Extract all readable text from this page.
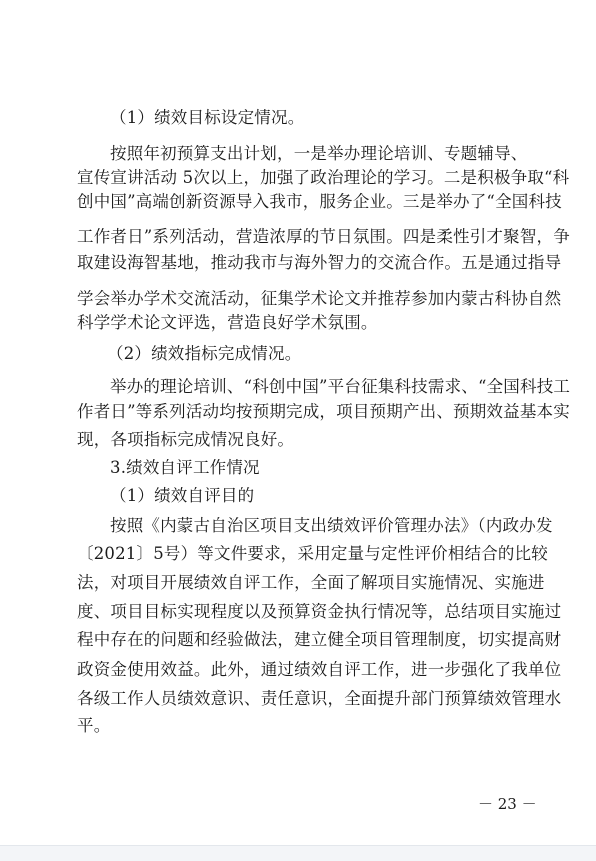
（1）绩效目标设定情况。
按照年初预算支出计划，一是举办理论培训、专题辅导、
宣传宣讲活动 5次以上，加强了政治理论的学习。二是积极争取“科
创中国”高端创新资源导入我市，服务企业。三是举办了“全国科技
工作者日”系列活动，营造浓厚的节日氛围。四是柔性引才聚智，争
取建设海智基地，推动我市与海外智力的交流合作。五是通过指导
学会举办学术交流活动，征集学术论文并推荐参加内蒙古科协自然
科学学术论文评选，营造良好学术氛围。
（2）绩效指标完成情况。
举办的理论培训、“科创中国”平台征集科技需求、“全国科技工
作者日”等系列活动均按预期完成，项目预期产出、预期效益基本实
现，各项指标完成情况良好。
3.绩效自评工作情况
（1）绩效自评目的
按照《内蒙古自治区项目支出绩效评价管理办法》（内政办发
〔2021〕5号）等文件要求，采用定量与定性评价相结合的比较
法，对项目开展绩效自评工作，全面了解项目实施情况、实施进
度、项目目标实现程度以及预算资金执行情况等，总结项目实施过
程中存在的问题和经验做法，建立健全项目管理制度，切实提高财
政资金使用效益。此外，通过绩效自评工作，进一步强化了我单位
各级工作人员绩效意识、责任意识，全面提升部门预算绩效管理水
平。
－ 23 －
